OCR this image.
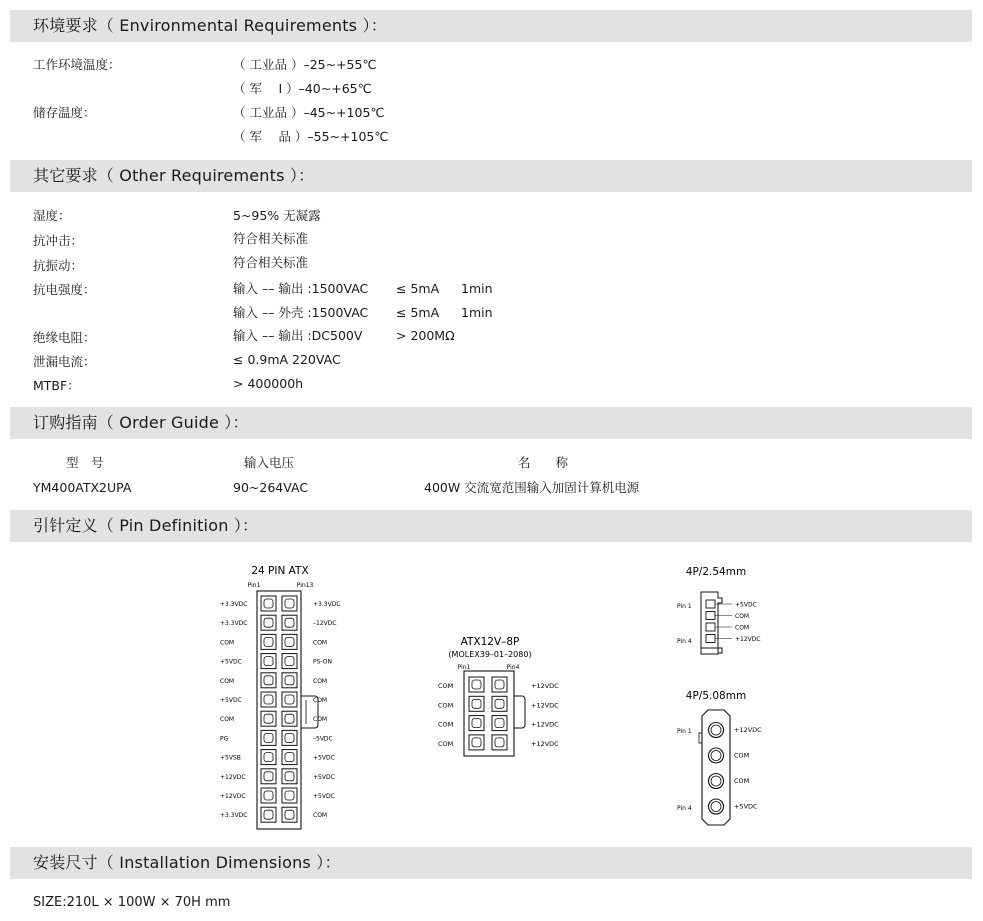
环境要求（ Environmental Requirements ）：
工作环境温度：	（ 工业品 ）–25~+55℃
（ 军　 Ⅰ ）–40~+65℃
储存温度：	（ 工业品 ）–45~+105℃
（ 军　 品 ）–55~+105℃
其它要求（ Other Requirements ）：
湿度：	5~95% 无凝露
抗冲击：	符合相关标准
抗振动：	符合相关标准
抗电强度：	输入 –– 输出 :1500VAC ≤ 5mA 1min
输入 –– 外壳 :1500VAC ≤ 5mA 1min
绝缘电阻：	输入 –– 输出 :DC500V	> 200MΩ
泄漏电流：	≤ 0.9mA 220VAC
MTBF：	> 400000h
订购指南（ Order Guide ）：
型　号	输入电压	名　　称
YM400ATX2UPA	90~264VAC	400W 交流宽范围输入加固计算机电源
引针定义（ Pin Definition ）：
24 PIN ATX
Pin1	Pin13
+3.3VDC
+3.3VDC
COM
+5VDC
COM
+5VDC
COM
PG
+5VSB
+12VDC
+12VDC
+3.3VDC
+3.3VDC
–12VDC
COM
PS-ON
COM
COM
COM
–5VDC
+5VDC
+5VDC
+5VDC
COM
ATX12V–8P
(MOLEX39–01–2080)
Pin1	Pin4
COM
COM
COM
COM
+12VDC
+12VDC
+12VDC
+12VDC
4P/2.54mm
Pin 1
Pin 4
+5VDC
COM
COM
+12VDC
4P/5.08mm
Pin 1
Pin 4
+12VDC
COM
COM
+5VDC
安装尺寸（ Installation Dimensions ）：
SIZE:210L × 100W × 70H mm
